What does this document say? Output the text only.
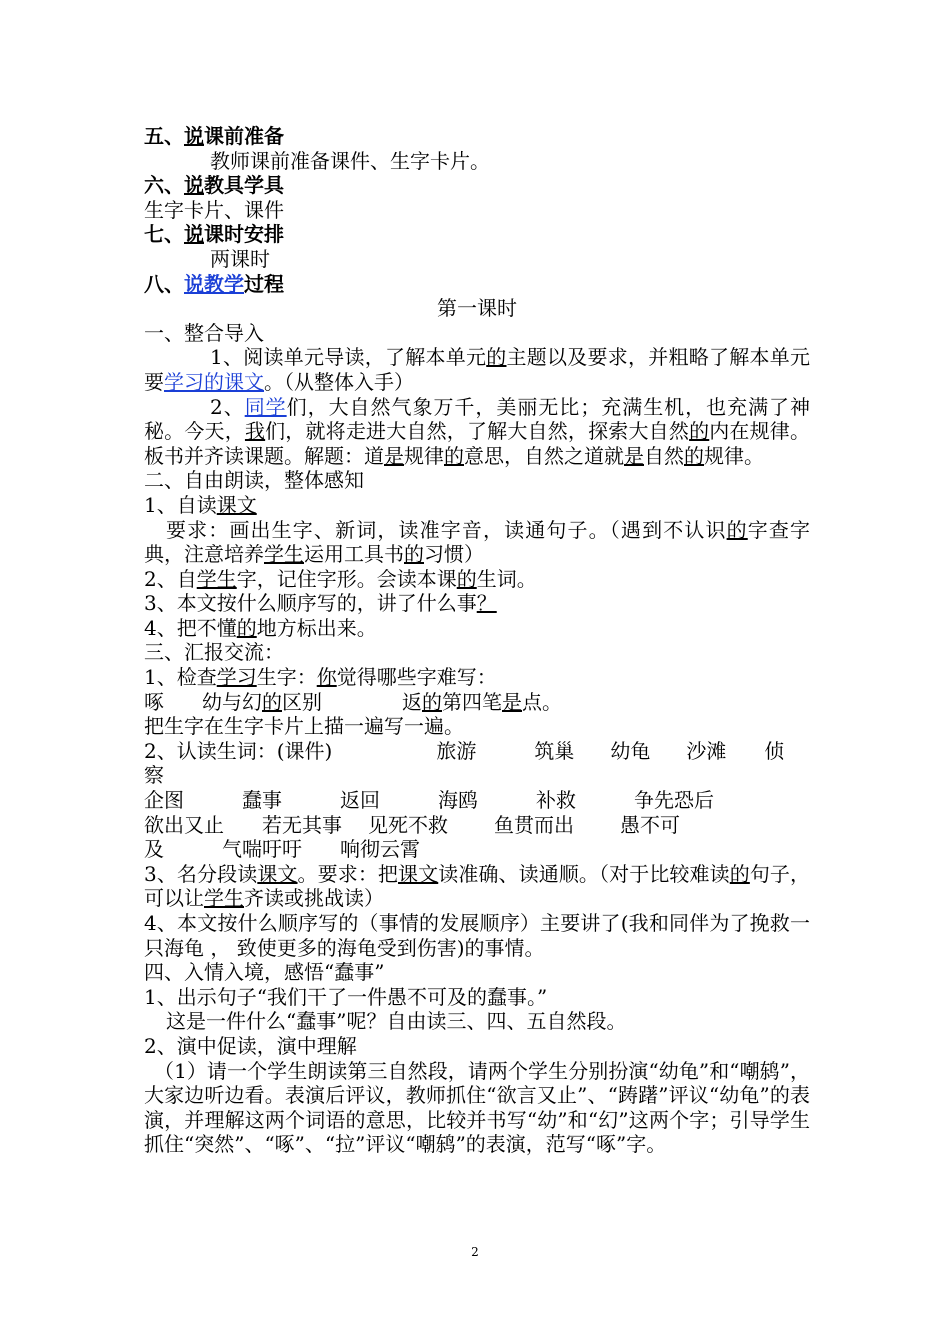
五、说课前准备

教师课前准备课件、生字卡片。

六、说教具学具

生字卡片、课件

七、说课时安排

两课时

八、说教学过程

第一课时

一、整合导入

1、阅读单元导读，了解本单元的主题以及要求，并粗略了解本单元要学习的课文。（从整体入手）

2、同学们，大自然气象万千，美丽无比；充满生机，也充满了神秘。今天，我们，就将走进大自然，了解大自然，探索大自然的内在规律。板书并齐读课题。解题：道是规律的意思，自然之道就是自然的规律。

二、自由朗读，整体感知

1、自读课文

要求：画出生字、新词，读准字音，读通句子。（遇到不认识的字查字典，注意培养学生运用工具书的习惯）

2、自学生字，记住字形。会读本课的生词。

3、本文按什么顺序写的，讲了什么事？

4、把不懂的地方标出来。

三、汇报交流：

1、检查学习生字：你觉得哪些字难写：

啄 幼与幻的区别	返的第四笔是点。

把生字在生字卡片上描一遍写一遍。

2、认读生词：(课件)	旅游	筑巢 幼龟 沙滩 侦

察

企图	蠢事	返回	海鸥	补救	争先恐后

欲出又止 若无其事 见死不救 鱼贯而出 愚不可

及	气喘吁吁 响彻云霄

3、名分段读课文。要求：把课文读准确、读通顺。（对于比较难读的句子，可以让学生齐读或挑战读）

4、本文按什么顺序写的（事情的发展顺序）主要讲了(我和同伴为了挽救一只海龟 ， 致使更多的海龟受到伤害)的事情。

四、入情入境，感悟“蠢事”

1、出示句子“我们干了一件愚不可及的蠢事。”

这是一件什么“蠢事”呢？自由读三、四、五自然段。

2、演中促读，演中理解

（1）请一个学生朗读第三自然段，请两个学生分别扮演“幼龟”和“嘲鸫”，大家边听边看。表演后评议，教师抓住“欲言又止”、“踌躇”评议“幼龟”的表演，并理解这两个词语的意思，比较并书写“幼”和“幻”这两个字；引导学生抓住“突然”、“啄”、“拉”评议“嘲鸫”的表演，范写“啄”字。

2
